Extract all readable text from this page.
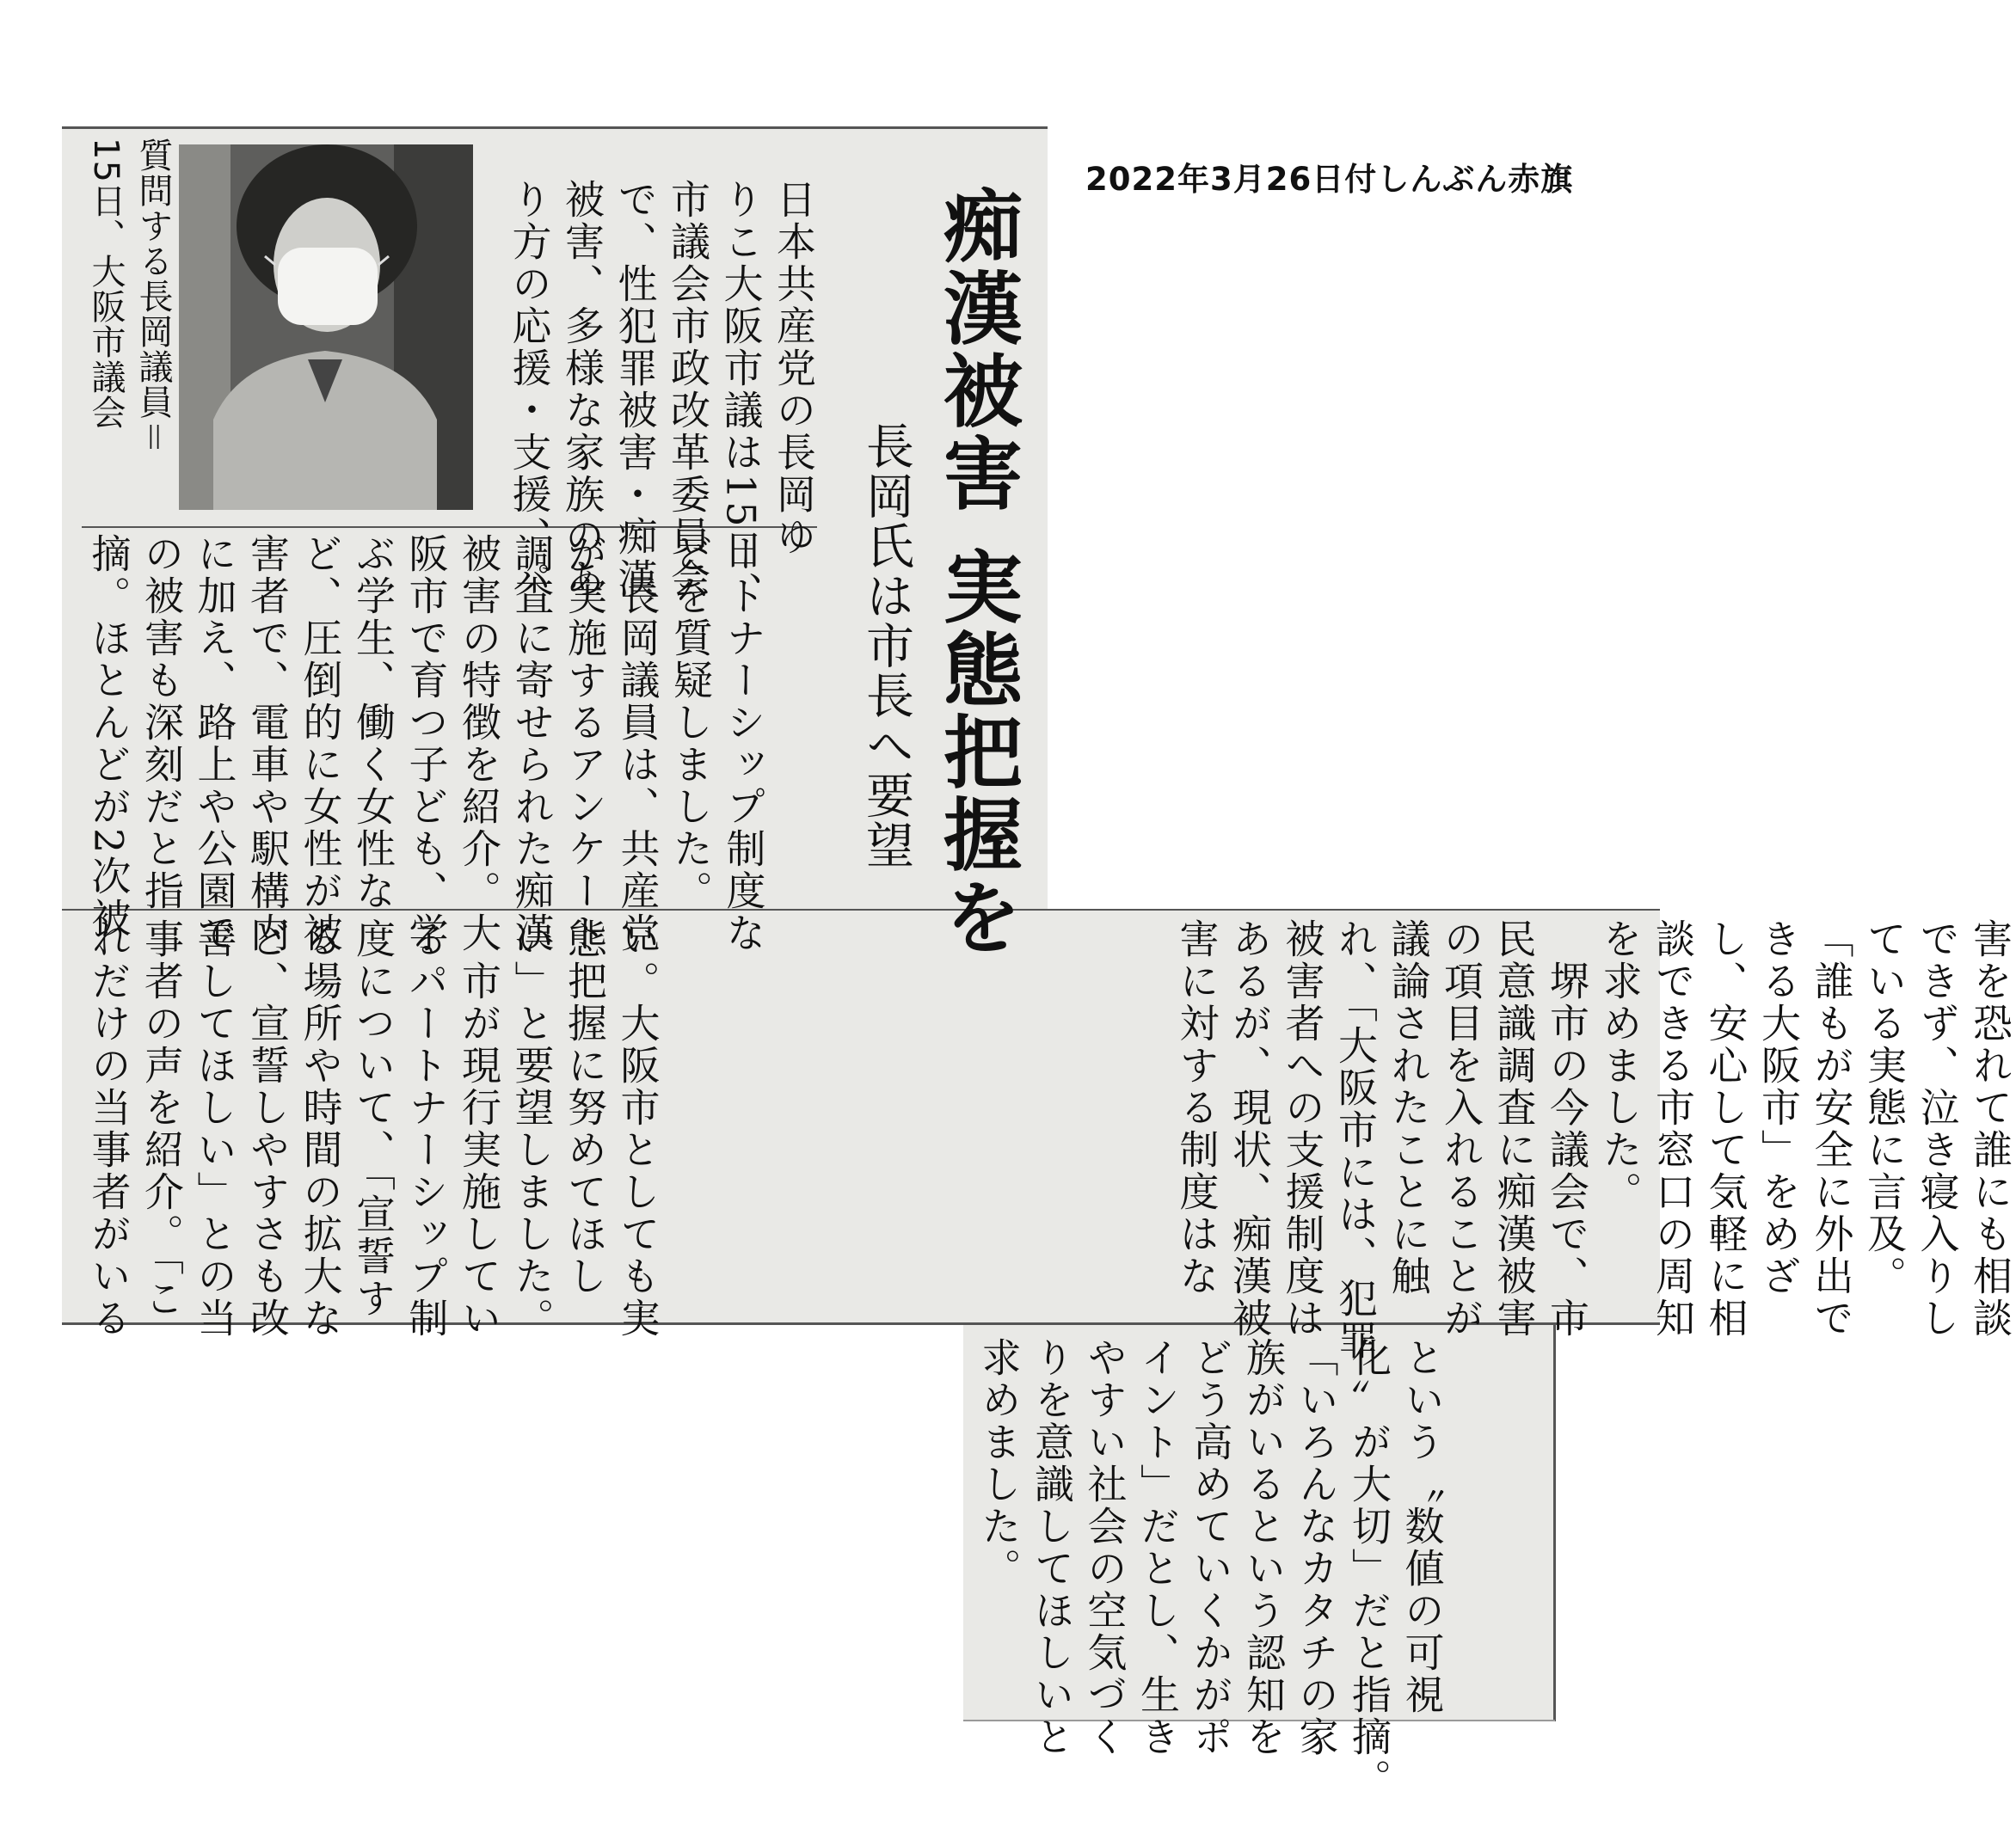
2022年3月26日付しんぶん赤旗
痴漢被害 実態把握を
長岡氏は市長へ要望
日本共産党の長岡ゆ
りこ大阪市議は15日、
市議会市政改革委員会
で、性犯罪被害・痴漢
被害、多様な家族のあ
り方の応援・支援、パ
質問する長岡議員＝
15日、大阪市議会
ートナーシップ制度な
どを質疑しました。
　長岡議員は、共産党
が実施するアンケート
調査に寄せられた痴漢
被害の特徴を紹介。大
阪市で育つ子ども、学
ぶ学生、働く女性な
ど、圧倒的に女性が被
害者で、電車や駅構内
に加え、路上や公園で
の被害も深刻だと指
摘。ほとんどが2次被
い。大阪市としても実
態把握に努めてほし
い」と要望しました。
　市が現行実施してい
るパートナーシップ制
度について、「宣誓す
る場所や時間の拡大な
ど、宣誓しやすさも改
善してほしい」との当
事者の声を紹介。「こ
れだけの当事者がいる	害を恐れて誰にも相談
できず、泣き寝入りし
ている実態に言及。
「誰もが安全に外出で
きる大阪市」をめざ
し、安心して気軽に相
談できる市窓口の周知
を求めました。
　堺市の今議会で、市
民意識調査に痴漢被害
の項目を入れることが
議論されたことに触
れ、「大阪市には、犯罪
被害者への支援制度は
あるが、現状、痴漢被
害に対する制度はな
という〝数値の可視
化〟が大切」だと指摘。
「いろんなカタチの家
族がいるという認知を
どう高めていくかがポ
イント」だとし、生き
やすい社会の空気づく
りを意識してほしいと
求めました。
